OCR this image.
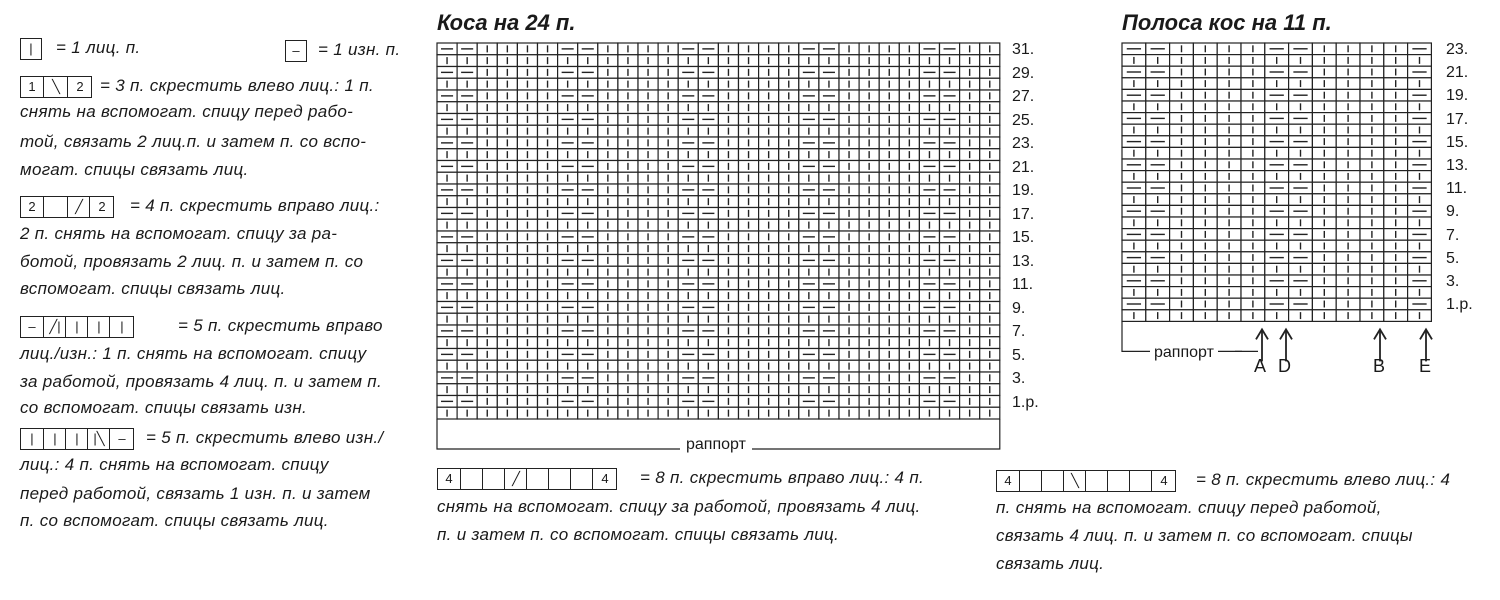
|	= 1 лиц. п.	–	= 1 изн. п.
1	╲	2 = 3 п. скрестить влево лиц.: 1 п.
снять на вспомогат. спицу перед рабо-
той, связать 2 лиц.п. и затем п. со вспо-
могат. спицы связать лиц.
2	╱	2	= 4 п. скрестить вправо лиц.:
2 п. снять на вспомогат. спицу за ра-
ботой, провязать 2 лиц. п. и затем п. со
вспомогат. спицы связать лиц.
–	╱|	|	|	|	= 5 п. скрестить вправо
лиц./изн.: 1 п. снять на вспомогат. спицу
за работой, провязать 4 лиц. п. и затем п.
со вспомогат. спицы связать изн.
|	|	|	|╲	–	= 5 п. скрестить влево изн./
лиц.: 4 п. снять на вспомогат. спицу
перед работой, связать 1 изн. п. и затем
п. со вспомогат. спицы связать лиц.
Коса на 24 п.
31.
29.
27.
25.
23.
21.
19.
17.
15.
13.
11.
9.
7.
5.
3.
1.р.
раппорт
Полоса кос на 11 п.
23.
21.
19.
17.
15.
13.
11.
9.
7.
5.
3.
1.р.
раппорт
A D	B E
4	╱	4	= 8 п. скрестить вправо лиц.: 4 п.
снять на вспомогат. спицу за работой, провязать 4 лиц.
п. и затем п. со вспомогат. спицы связать лиц.
4	╲	4	= 8 п. скрестить влево лиц.: 4
п. снять на вспомогат. спицу перед работой,
связать 4 лиц. п. и затем п. со вспомогат. спицы
связать лиц.
